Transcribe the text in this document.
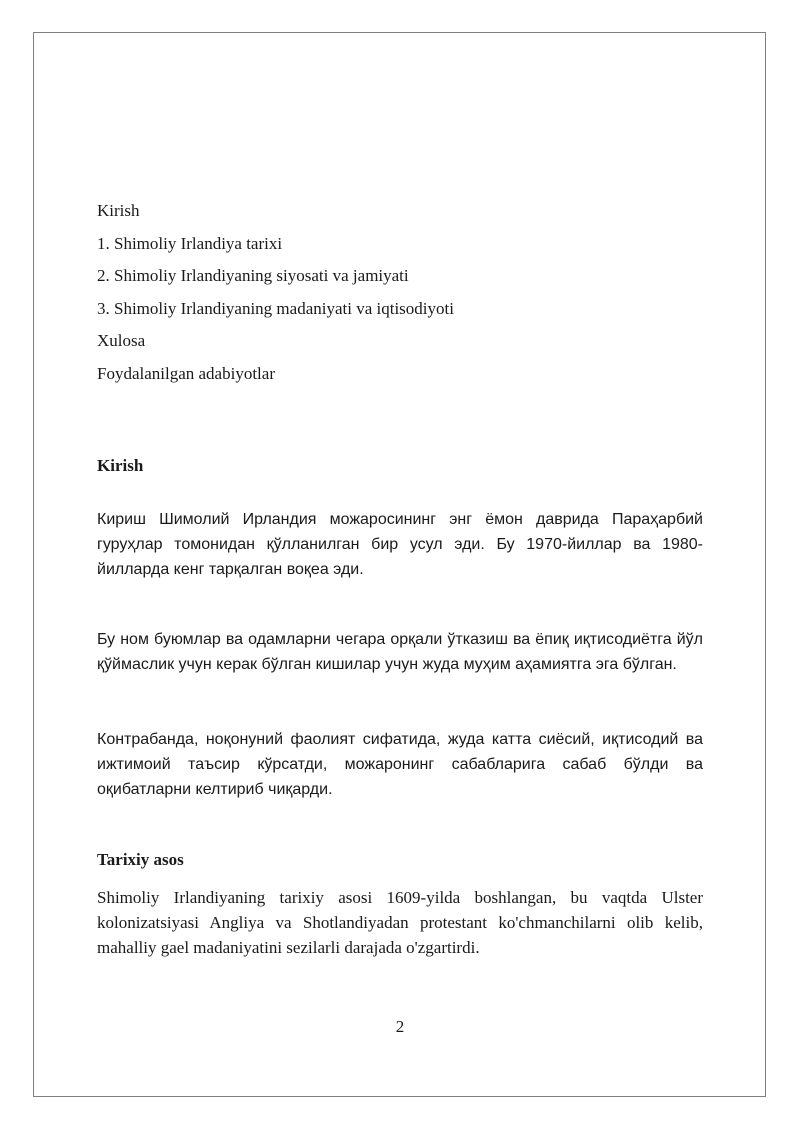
Kirish

1. Shimoliy Irlandiya tarixi

2. Shimoliy Irlandiyaning siyosati va jamiyati

3. Shimoliy Irlandiyaning madaniyati va iqtisodiyoti

Xulosa

Foydalanilgan adabiyotlar

Kirish

Кириш Шимолий Ирландия можаросининг энг ёмон даврида Параҳарбий гуруҳлар томонидан қўлланилган бир усул эди. Бу 1970-йиллар ва 1980-йилларда кенг тарқалган воқеа эди.

Бу ном буюмлар ва одамларни чегара орқали ўтказиш ва ёпиқ иқтисодиётга йўл қўймаслик учун керак бўлган кишилар учун жуда муҳим аҳамиятга эга бўлган.

Контрабанда, ноқонуний фаолият сифатида, жуда катта сиёсий, иқтисодий ва ижтимоий таъсир кўрсатди, можаронинг сабабларига сабаб бўлди ва оқибатларни келтириб чиқарди.

Tarixiy asos

Shimoliy Irlandiyaning tarixiy asosi 1609-yilda boshlangan, bu vaqtda Ulster kolonizatsiyasi Angliya va Shotlandiyadan protestant ko'chmanchilarni olib kelib, mahalliy gael madaniyatini sezilarli darajada o'zgartirdi.

2
